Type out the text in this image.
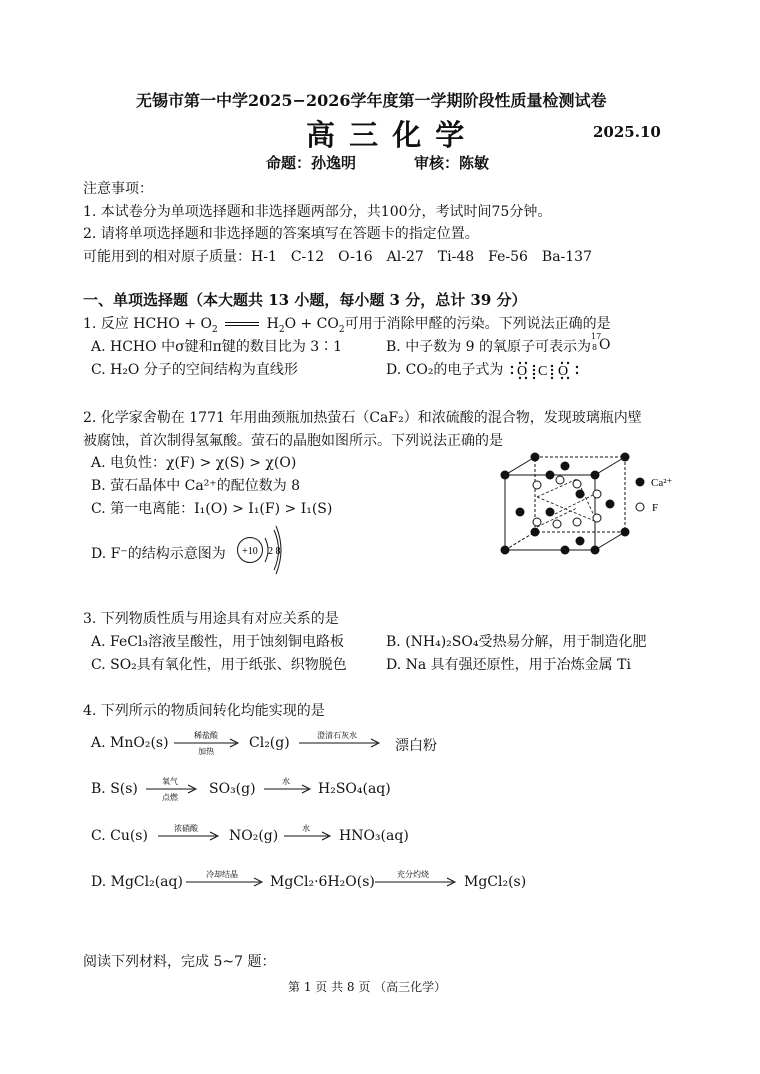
无锡市第一中学2025−2026学年度第一学期阶段性质量检测试卷
高 三 化 学	2025.10
命题：孙逸明	审核：陈敏
注意事项：
1. 本试卷分为单项选择题和非选择题两部分，共100分，考试时间75分钟。
2. 请将单项选择题和非选择题的答案填写在答题卡的指定位置。
可能用到的相对原子质量：H-1　C-12　O-16　Al-27　Ti-48　Fe-56　Ba-137
一、单项选择题（本大题共 13 小题，每小题 3 分，总计 39 分）
1. 反应 HCHO + $O_2$	$H_2O + CO_2$可用于消除甲醛的污染。下列说法正确的是
A. HCHO 中σ键和π键的数目比为 3∶1	B. 中子数为 9 的氧原子可表示为
17
8 O
C. H₂O 分子的空间结构为直线形	D. CO₂的电子式为 O C O
2. 化学家舍勒在 1771 年用曲颈瓶加热萤石（CaF₂）和浓硫酸的混合物，发现玻璃瓶内壁
被腐蚀，首次制得氢氟酸。萤石的晶胞如图所示。下列说法正确的是
A. 电负性：χ(F) > χ(S) > χ(O)
B. 萤石晶体中 Ca²⁺的配位数为 8
C. 第一电离能：I₁(O) > I₁(F) > I₁(S)
D. F⁻的结构示意图为 +10 2 8
Ca²⁺
F
3. 下列物质性质与用途具有对应关系的是
A. FeCl₃溶液呈酸性，用于蚀刻铜电路板	B. (NH₄)₂SO₄受热易分解，用于制造化肥
C. SO₂具有氧化性，用于纸张、织物脱色	D. Na 具有强还原性，用于冶炼金属 Ti
4. 下列所示的物质间转化均能实现的是
A. MnO₂(s)	稀盐酸
加热
Cl₂(g)	澄清石灰水
漂白粉
B. S(s)	氧气
点燃
SO₃(g)	水 H₂SO₄(aq)
C. Cu(s)	浓硝酸 NO₂(g)	水 HNO₃(aq)
D. MgCl₂(aq)	冷却结晶 MgCl₂·6H₂O(s)	充分灼烧	MgCl₂(s)
阅读下列材料，完成 5~7 题：
第 1 页 共 8 页 （高三化学）
